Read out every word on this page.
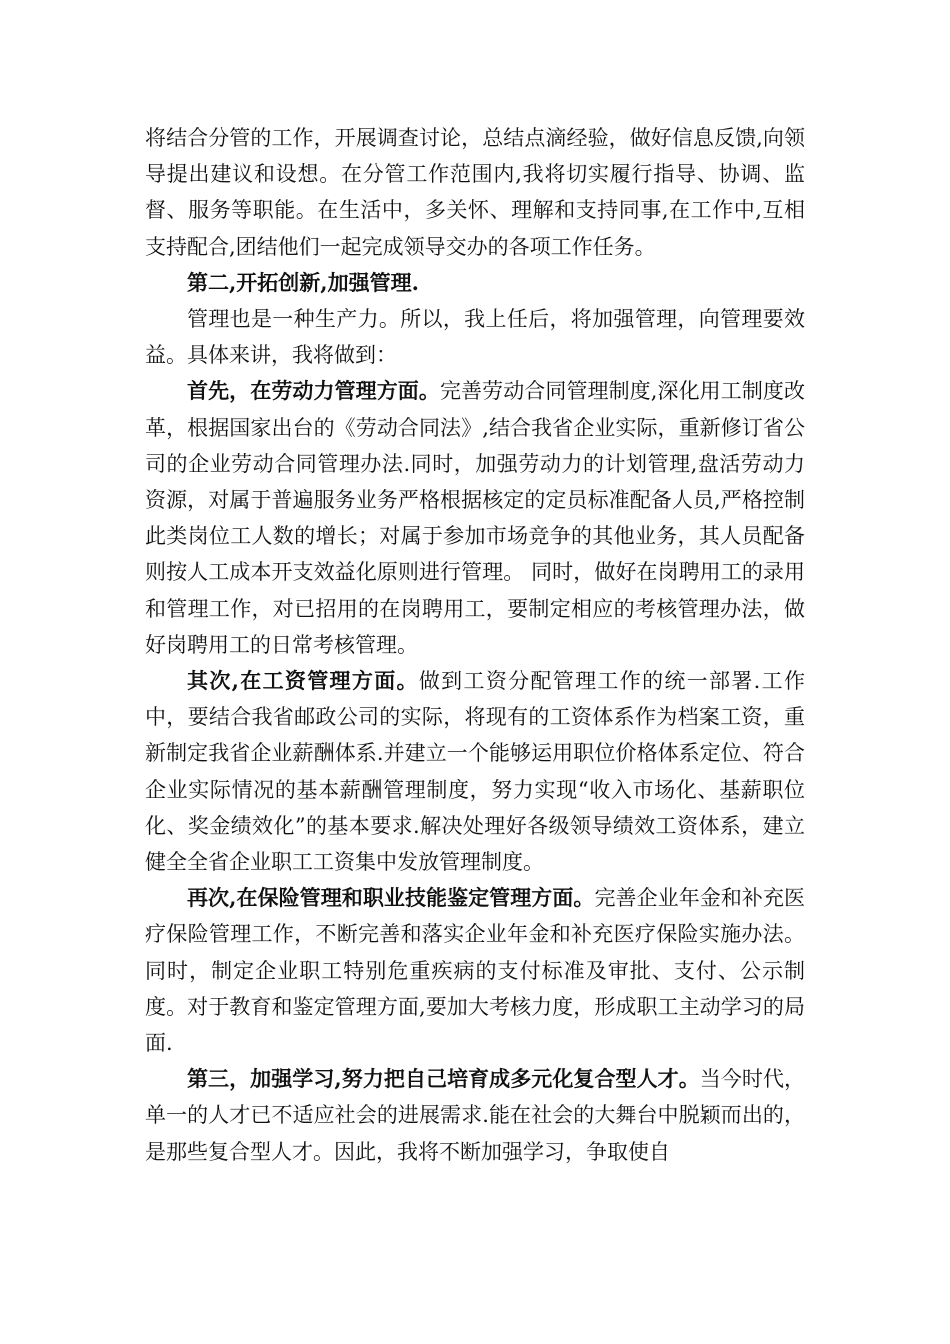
将结合分管的工作，开展调查讨论，总结点滴经验，做好信息反馈,向领导提出建议和设想。在分管工作范围内,我将切实履行指导、协调、监督、服务等职能。在生活中，多关怀、理解和支持同事,在工作中,互相支持配合,团结他们一起完成领导交办的各项工作任务。

第二,开拓创新,加强管理.

管理也是一种生产力。所以，我上任后，将加强管理，向管理要效益。具体来讲，我将做到：

首先，在劳动力管理方面。完善劳动合同管理制度,深化用工制度改革，根据国家出台的《劳动合同法》,结合我省企业实际，重新修订省公司的企业劳动合同管理办法.同时，加强劳动力的计划管理,盘活劳动力资源，对属于普遍服务业务严格根据核定的定员标准配备人员,严格控制此类岗位工人数的增长；对属于参加市场竞争的其他业务，其人员配备则按人工成本开支效益化原则进行管理。 同时，做好在岗聘用工的录用和管理工作，对已招用的在岗聘用工，要制定相应的考核管理办法，做好岗聘用工的日常考核管理。

其次,在工资管理方面。做到工资分配管理工作的统一部署.工作中，要结合我省邮政公司的实际，将现有的工资体系作为档案工资，重新制定我省企业薪酬体系.并建立一个能够运用职位价格体系定位、符合企业实际情况的基本薪酬管理制度，努力实现“收入市场化、基薪职位化、奖金绩效化”的基本要求.解决处理好各级领导绩效工资体系，建立健全全省企业职工工资集中发放管理制度。

再次,在保险管理和职业技能鉴定管理方面。完善企业年金和补充医疗保险管理工作，不断完善和落实企业年金和补充医疗保险实施办法。同时，制定企业职工特别危重疾病的支付标准及审批、支付、公示制度。对于教育和鉴定管理方面,要加大考核力度，形成职工主动学习的局面.

第三，加强学习,努力把自己培育成多元化复合型人才。当今时代，单一的人才已不适应社会的进展需求.能在社会的大舞台中脱颖而出的，是那些复合型人才。因此，我将不断加强学习，争取使自
